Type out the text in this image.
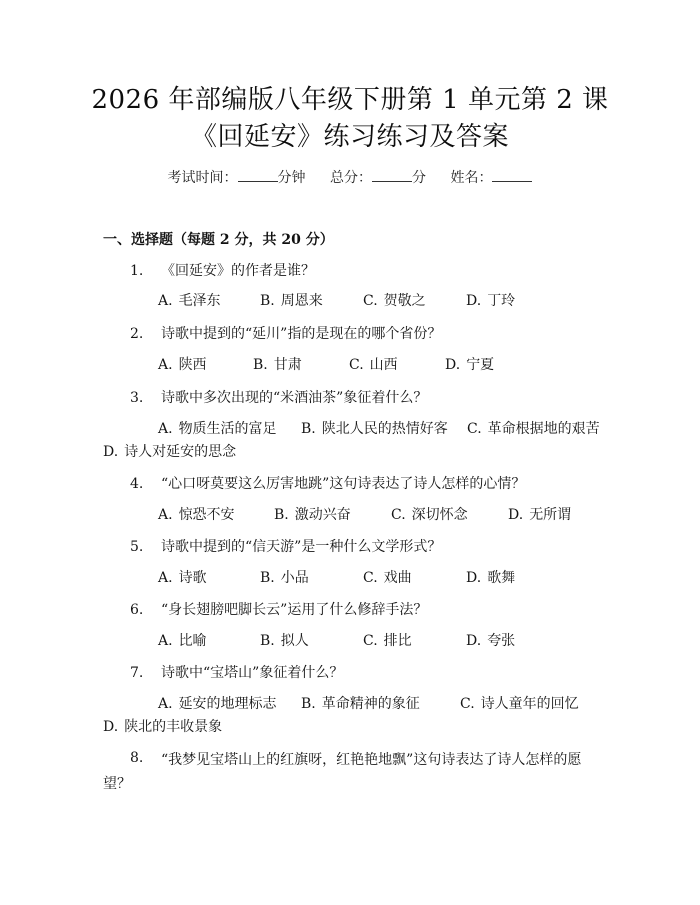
2026 年部编版八年级下册第 1 单元第 2 课
《回延安》练习练习及答案
考试时间：	分钟 总分：	分 姓名：
一、选择题（每题 2 分，共 20 分）
1.	《回延安》的作者是谁？
A. 毛泽东	B. 周恩来	C. 贺敬之	D. 丁玲
2.	诗歌中提到的“延川”指的是现在的哪个省份？
A. 陕西	B. 甘肃	C. 山西	D. 宁夏
3.	诗歌中多次出现的“米酒油茶”象征着什么？
A. 物质生活的富足 B. 陕北人民的热情好客 C. 革命根据地的艰苦
D. 诗人对延安的思念
4.	“心口呀莫要这么厉害地跳”这句诗表达了诗人怎样的心情？
A. 惊恐不安	B. 激动兴奋	C. 深切怀念	D. 无所谓
5.	诗歌中提到的“信天游”是一种什么文学形式？
A. 诗歌	B. 小品	C. 戏曲	D. 歌舞
6.	“身长翅膀吧脚长云”运用了什么修辞手法？
A. 比喻	B. 拟人	C. 排比	D. 夸张
7.	诗歌中“宝塔山”象征着什么？
A. 延安的地理标志 B. 革命精神的象征	C. 诗人童年的回忆
D. 陕北的丰收景象
8.	“我梦见宝塔山上的红旗呀，红艳艳地飘”这句诗表达了诗人怎样的愿望？
